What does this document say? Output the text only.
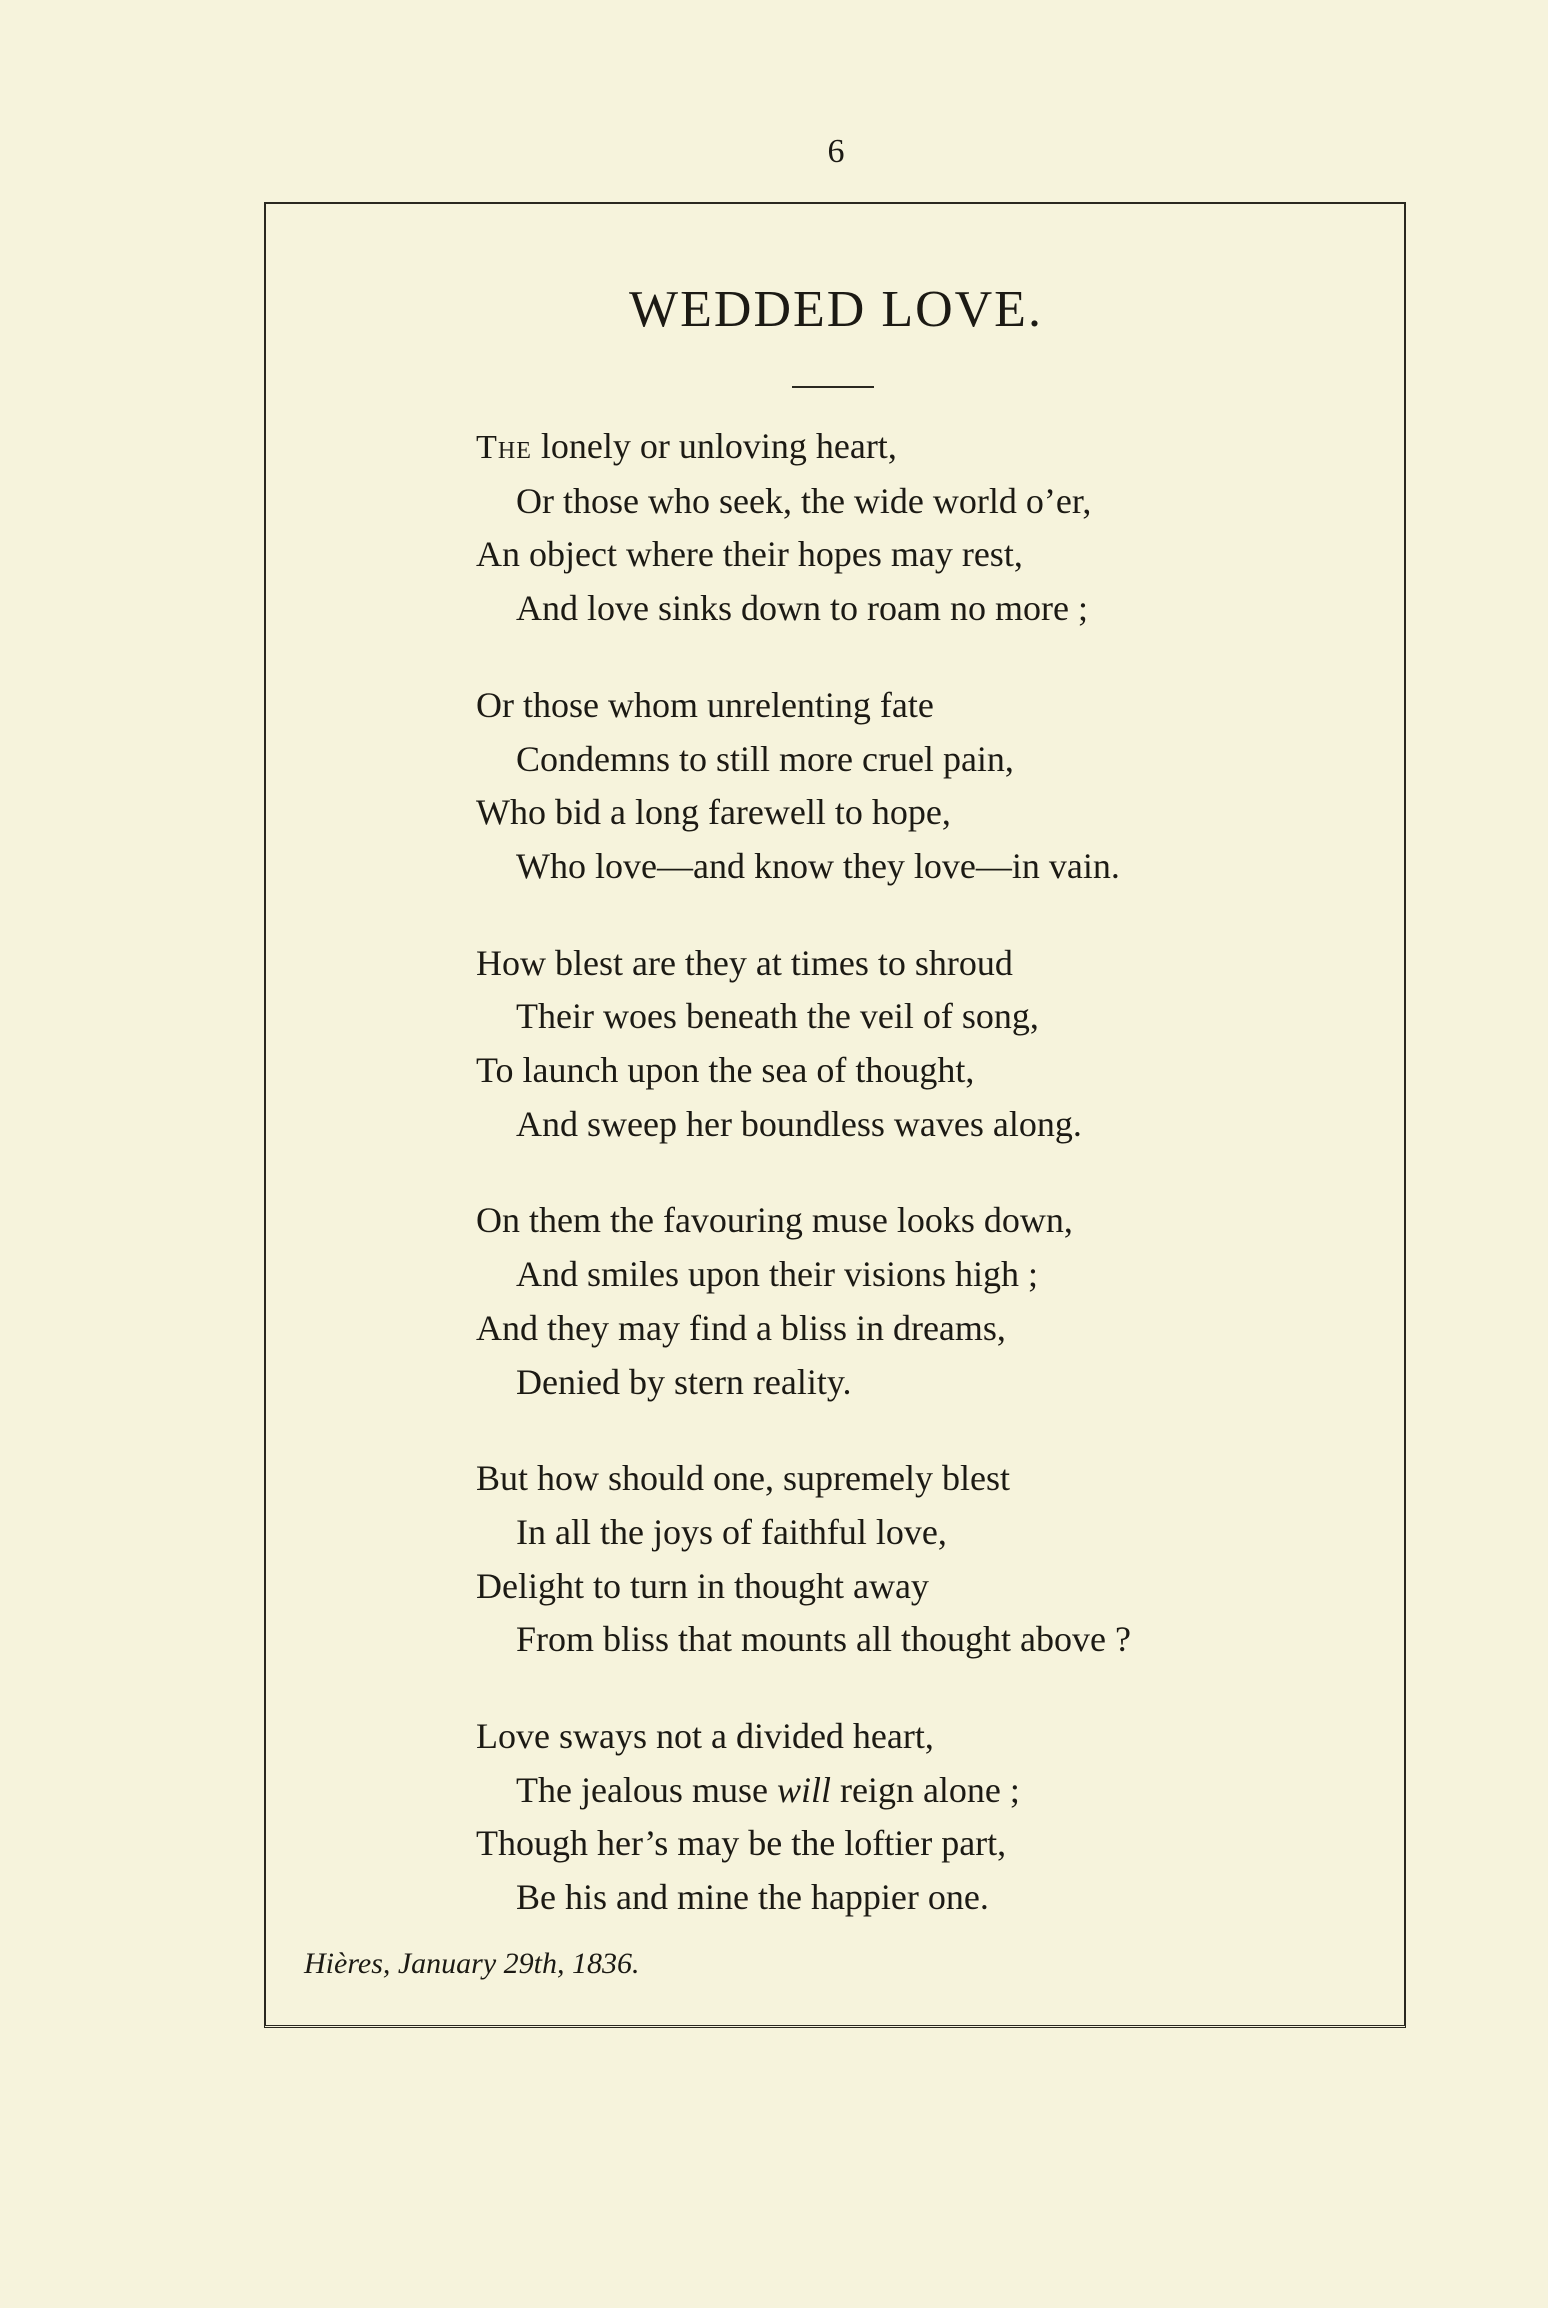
6
WEDDED LOVE.
The lonely or unloving heart,
Or those who seek, the wide world o’er,
An object where their hopes may rest,
And love sinks down to roam no more ;
Or those whom unrelenting fate
Condemns to still more cruel pain,
Who bid a long farewell to hope,
Who love—and know they love—in vain.
How blest are they at times to shroud
Their woes beneath the veil of song,
To launch upon the sea of thought,
And sweep her boundless waves along.
On them the favouring muse looks down,
And smiles upon their visions high ;
And they may find a bliss in dreams,
Denied by stern reality.
But how should one, supremely blest
In all the joys of faithful love,
Delight to turn in thought away
From bliss that mounts all thought above ?
Love sways not a divided heart,
The jealous muse will reign alone ;
Though her’s may be the loftier part,
Be his and mine the happier one.
Hières, January 29th, 1836.
